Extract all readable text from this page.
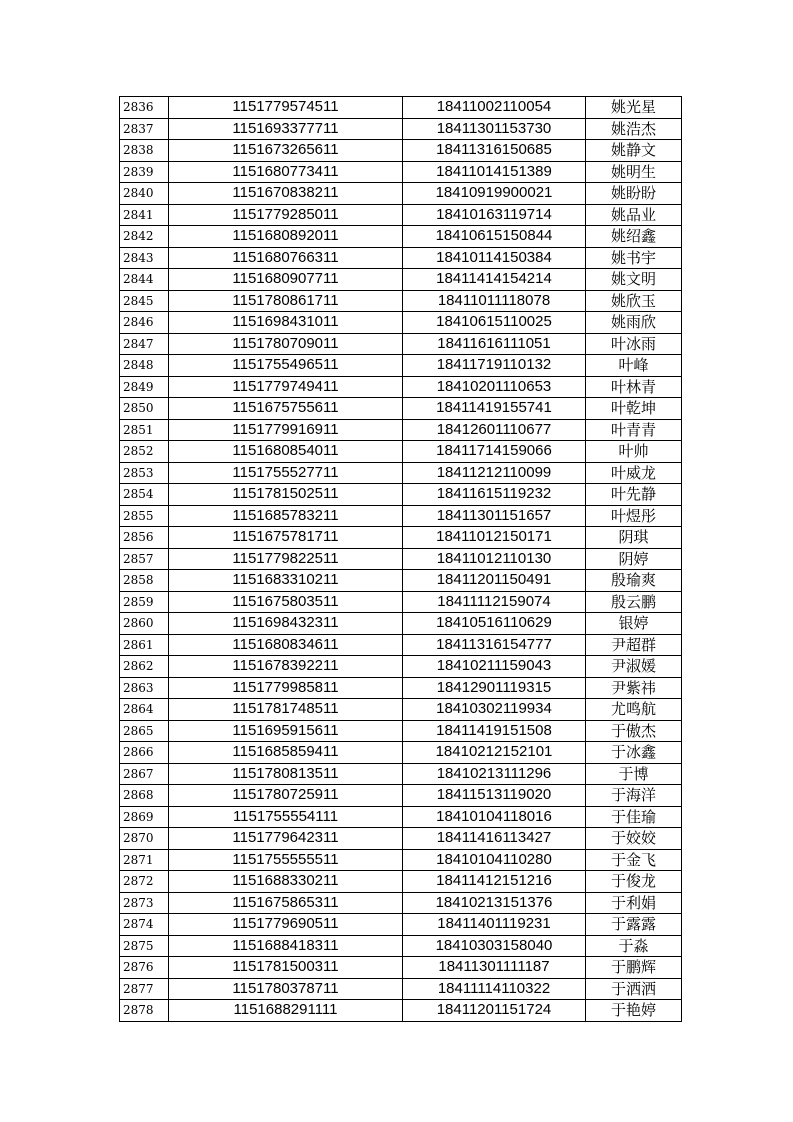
2836	1151779574511	18411002110054	姚光星
2837	1151693377711	18411301153730	姚浩杰
2838	1151673265611	18411316150685	姚静文
2839	1151680773411	18411014151389	姚明生
2840	1151670838211	18410919900021	姚盼盼
2841	1151779285011	18410163119714	姚品业
2842	1151680892011	18410615150844	姚绍鑫
2843	1151680766311	18410114150384	姚书宇
2844	1151680907711	18411414154214	姚文明
2845	1151780861711	18411011118078	姚欣玉
2846	1151698431011	18410615110025	姚雨欣
2847	1151780709011	18411616111051	叶冰雨
2848	1151755496511	18411719110132	叶峰
2849	1151779749411	18410201110653	叶林青
2850	1151675755611	18411419155741	叶乾坤
2851	1151779916911	18412601110677	叶青青
2852	1151680854011	18411714159066	叶帅
2853	1151755527711	18411212110099	叶威龙
2854	1151781502511	18411615119232	叶先静
2855	1151685783211	18411301151657	叶煜彤
2856	1151675781711	18411012150171	阴琪
2857	1151779822511	18411012110130	阴婷
2858	1151683310211	18411201150491	殷瑜爽
2859	1151675803511	18411112159074	殷云鹏
2860	1151698432311	18410516110629	银婷
2861	1151680834611	18411316154777	尹超群
2862	1151678392211	18410211159043	尹淑媛
2863	1151779985811	18412901119315	尹紫祎
2864	1151781748511	18410302119934	尤鸣航
2865	1151695915611	18411419151508	于傲杰
2866	1151685859411	18410212152101	于冰鑫
2867	1151780813511	18410213111296	于博
2868	1151780725911	18411513119020	于海洋
2869	1151755554111	18410104118016	于佳瑜
2870	1151779642311	18411416113427	于姣姣
2871	1151755555511	18410104110280	于金飞
2872	1151688330211	18411412151216	于俊龙
2873	1151675865311	18410213151376	于利娟
2874	1151779690511	18411401119231	于露露
2875	1151688418311	18410303158040	于淼
2876	1151781500311	18411301111187	于鹏辉
2877	1151780378711	18411114110322	于洒洒
2878	1151688291111	18411201151724	于艳婷
